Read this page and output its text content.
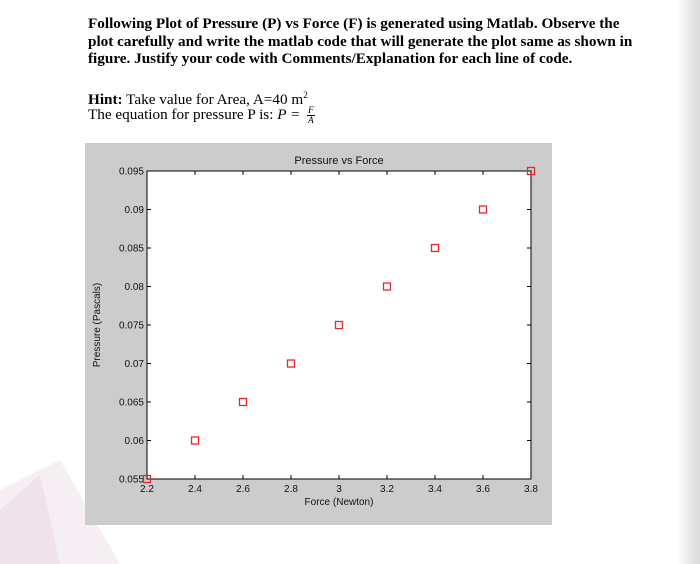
Following Plot of Pressure (P) vs Force (F) is generated using Matlab. Observe the plot carefully and write the matlab code that will generate the plot same as shown in figure. Justify your code with Comments/Explanation for each line of code.
Hint: Take value for Area, A=40 $m^2$
The equation for pressure P is: $P = \frac{F}{A}$
2.2	2.4	2.6	2.8	3	3.2	3.4	3.6	3.8
0.055
0.06
0.065
0.07
0.075
0.08
0.085
0.09
0.095
Pressure vs Force
Force (Newton)
Pressure (Pascals)
